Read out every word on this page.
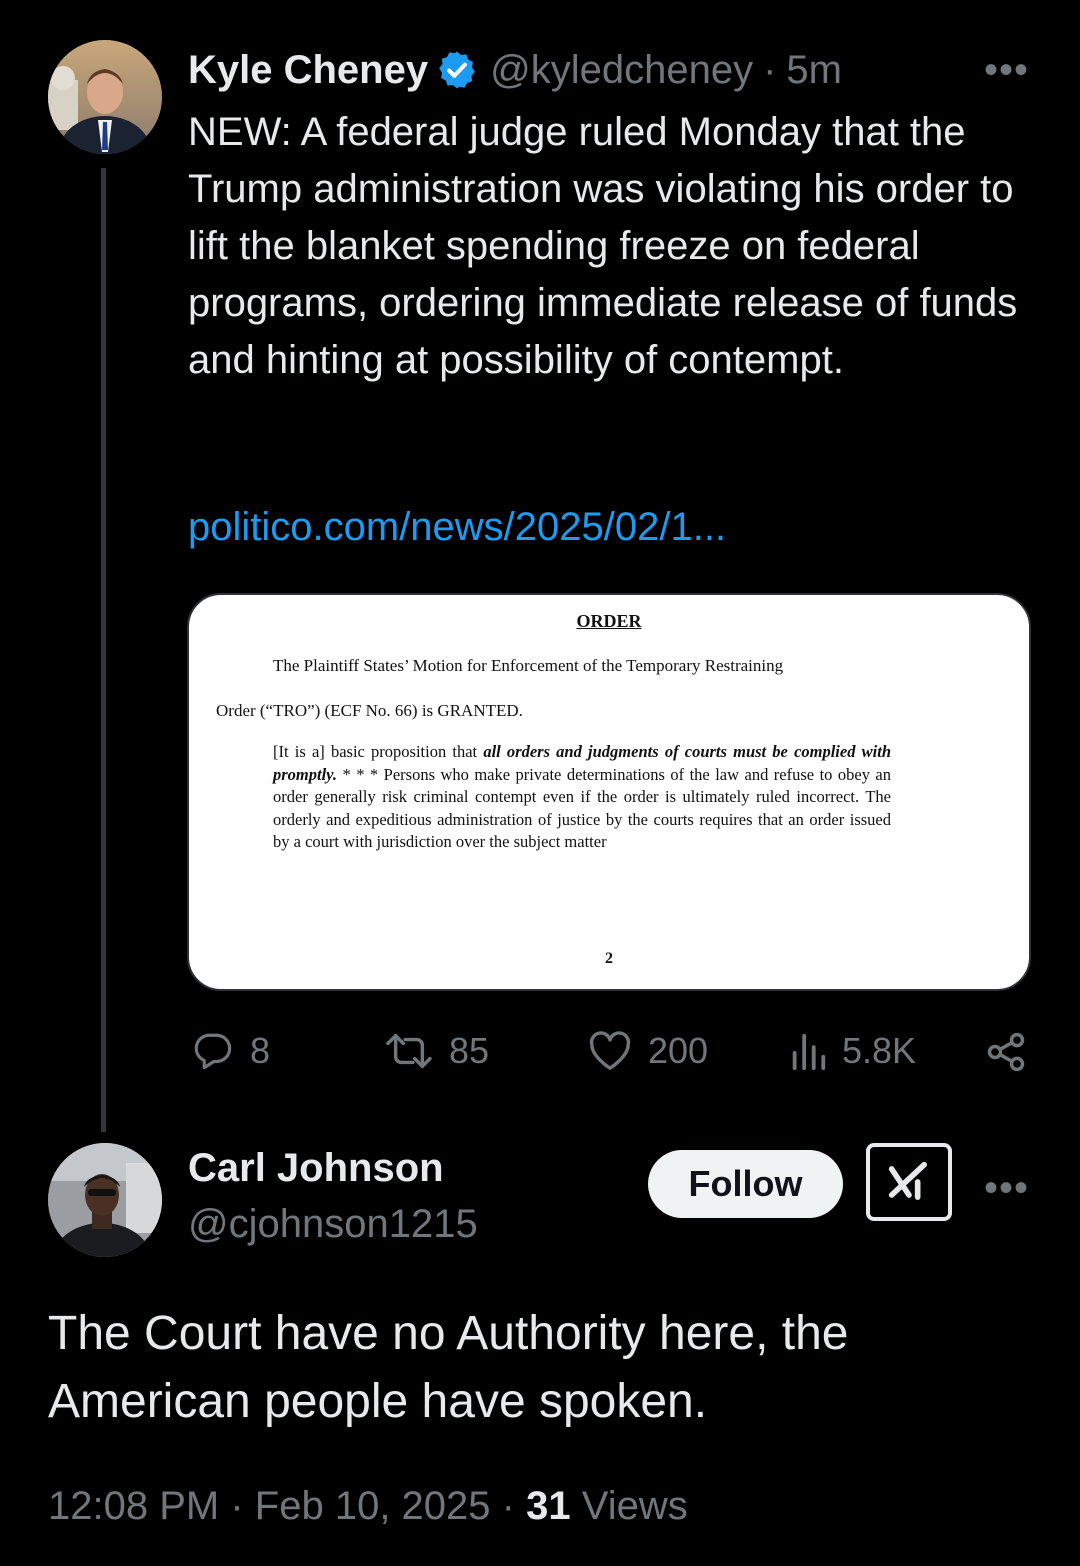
Kyle Cheney @kyledcheney · 5m	•••
NEW: A federal judge ruled Monday that the Trump administration was violating his order to lift the blanket spending freeze on federal programs, ordering immediate release of funds and hinting at possibility of contempt.
politico.com/news/2025/02/1...
ORDER
The Plaintiff States’ Motion for Enforcement of the Temporary Restraining
Order (“TRO”) (ECF No. 66) is GRANTED.
[It is a] basic proposition that all orders and judgments of courts must be complied with promptly. * * * Persons who make private determinations of the law and refuse to obey an order generally risk criminal contempt even if the order is ultimately ruled incorrect. The orderly and expeditious administration of justice by the courts requires that an order issued by a court with jurisdiction over the subject matter
2
8	85	200	5.8K
Carl Johnson
@cjohnson1215
Follow	•••
The Court have no Authority here, the American people have spoken.
12:08 PM · Feb 10, 2025 · 31 Views
